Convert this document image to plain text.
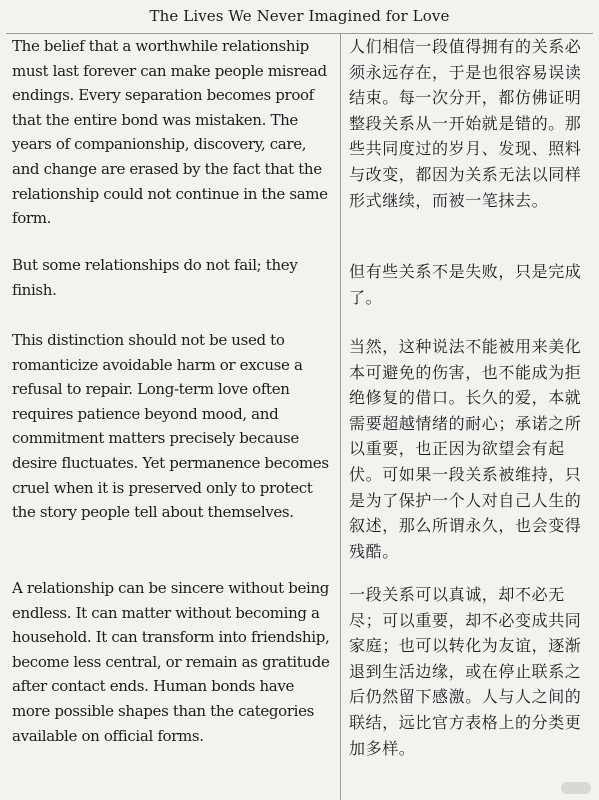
The Lives We Never Imagined for Love

The belief that a worthwhile relationship must last forever can make people misread endings. Every separation becomes proof that the entire bond was mistaken. The years of companionship, discovery, care, and change are erased by the fact that the relationship could not continue in the same form.

But some relationships do not fail; they finish.

This distinction should not be used to romanticize avoidable harm or excuse a refusal to repair. Long-term love often requires patience beyond mood, and commitment matters precisely because desire fluctuates. Yet permanence becomes cruel when it is preserved only to protect the story people tell about themselves.

A relationship can be sincere without being endless. It can matter without becoming a household. It can transform into friendship, become less central, or remain as gratitude after contact ends. Human bonds have more possible shapes than the categories available on official forms.

人们相信一段值得拥有的关系必须永远存在，于是也很容易误读结束。每一次分开，都仿佛证明整段关系从一开始就是错的。那些共同度过的岁月、发现、照料与改变，都因为关系无法以同样形式继续，而被一笔抹去。

但有些关系不是失败，只是完成了。

当然，这种说法不能被用来美化本可避免的伤害，也不能成为拒绝修复的借口。长久的爱，本就需要超越情绪的耐心；承诺之所以重要，也正因为欲望会有起伏。可如果一段关系被维持，只是为了保护一个人对自己人生的叙述，那么所谓永久，也会变得残酷。

一段关系可以真诚，却不必无尽；可以重要，却不必变成共同家庭；也可以转化为友谊，逐渐退到生活边缘，或在停止联系之后仍然留下感激。人与人之间的联结，远比官方表格上的分类更加多样。
